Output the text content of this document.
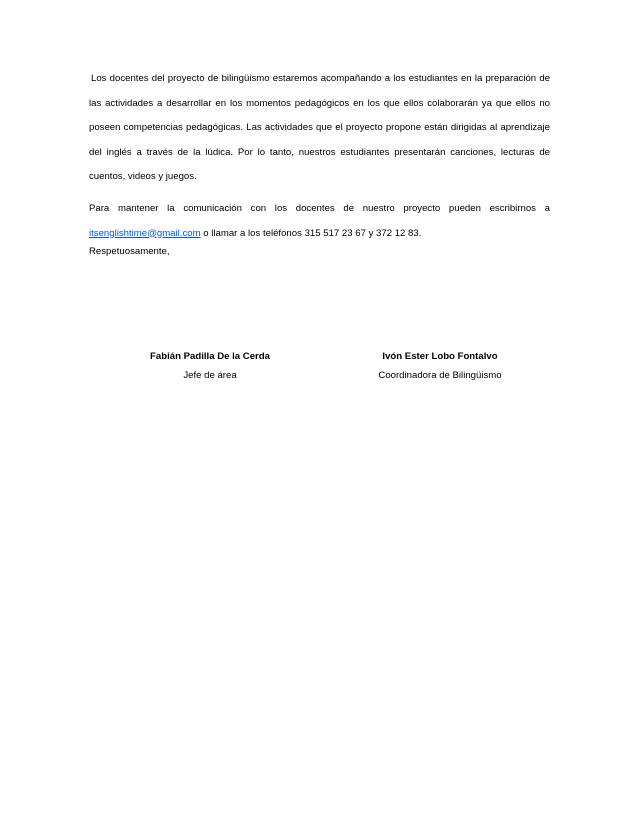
Los docentes del proyecto de bilingüismo estaremos acompañando a los estudiantes en la preparación de las actividades a desarrollar en los momentos pedagógicos en los que ellos colaborarán ya que ellos no poseen competencias pedagógicas. Las actividades que el proyecto propone están dirigidas al aprendizaje del inglés a través de la lúdica. Por lo tanto, nuestros estudiantes presentarán canciones, lecturas de cuentos, videos y juegos.

Para mantener la comunicación con los docentes de nuestro proyecto pueden escribirnos a itsenglishtime@gmail.com o llamar a los teléfonos 315 517 23 67 y 372 12 83.

Respetuosamente,
Fabián Padilla De la Cerda
Jefe de área
Ivón Ester Lobo Fontalvo
Coordinadora de Bilingüismo
